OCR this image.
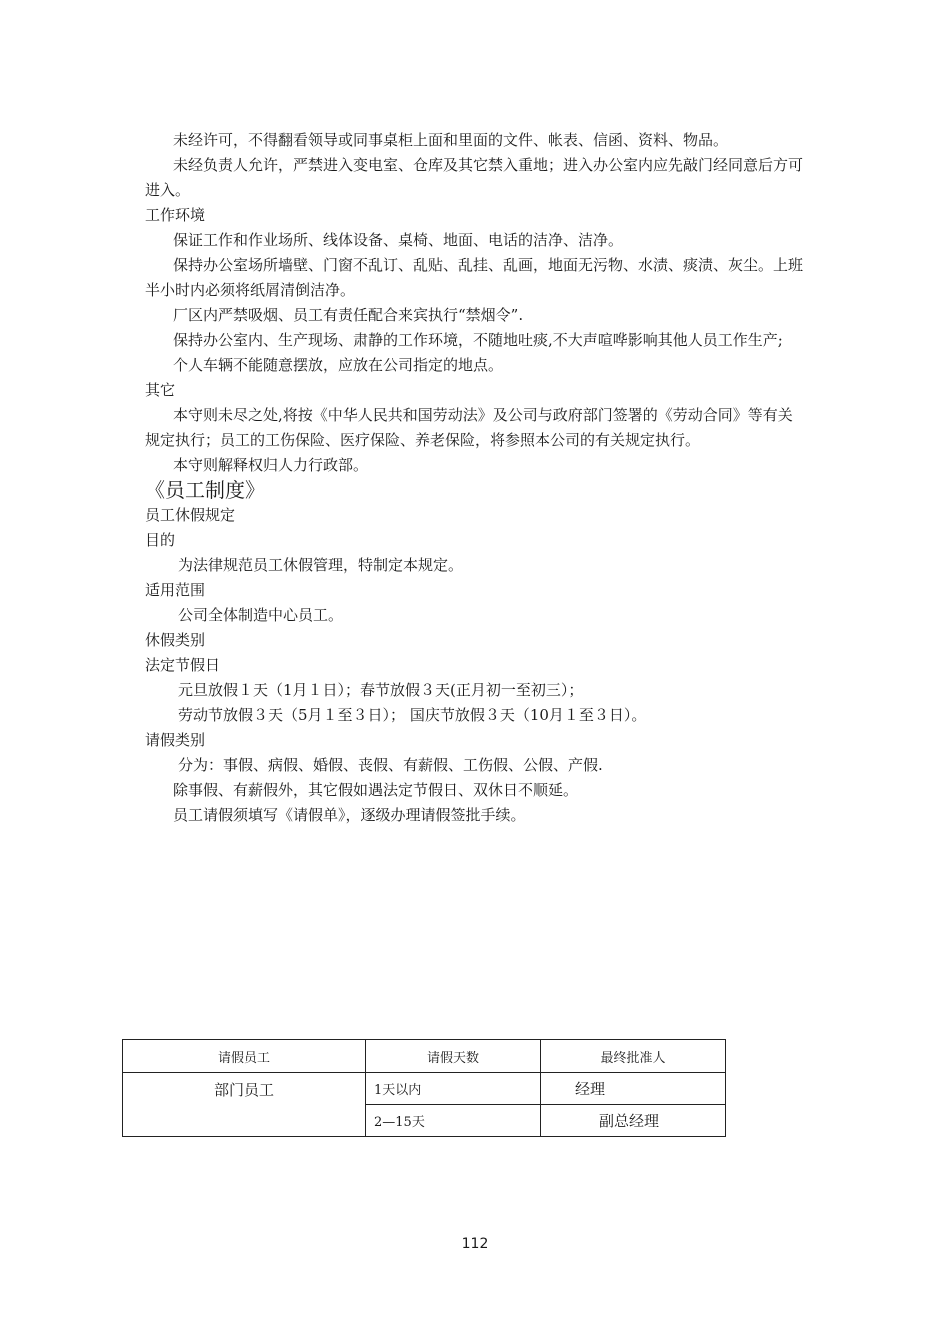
未经许可，不得翻看领导或同事桌柜上面和里面的文件、帐表、信函、资料、物品。
未经负责人允许，严禁进入变电室、仓库及其它禁入重地；进入办公室内应先敲门经同意后方可
进入。
工作环境
保证工作和作业场所、线体设备、桌椅、地面、电话的洁净、洁净。
保持办公室场所墙壁、门窗不乱订、乱贴、乱挂、乱画，地面无污物、水渍、痰渍、灰尘。上班
半小时内必须将纸屑清倒洁净。
厂区内严禁吸烟、员工有责任配合来宾执行“禁烟令”.
保持办公室内、生产现场、肃静的工作环境，不随地吐痰,不大声喧哗影响其他人员工作生产;
个人车辆不能随意摆放，应放在公司指定的地点。
其它
本守则未尽之处,将按《中华人民共和国劳动法》及公司与政府部门签署的《劳动合同》等有关
规定执行；员工的工伤保险、医疗保险、养老保险，将参照本公司的有关规定执行。
本守则解释权归人力行政部。
《员工制度》
员工休假规定
目的
为法律规范员工休假管理，特制定本规定。
适用范围
公司全体制造中心员工。
休假类别
法定节假日
元旦放假１天（1月１日）；春节放假３天(正月初一至初三）；
劳动节放假３天（5月１至３日）； 国庆节放假３天（10月１至３日）。
请假类别
分为：事假、病假、婚假、丧假、有薪假、工伤假、公假、产假.
除事假、有薪假外，其它假如遇法定节假日、双休日不顺延。
员工请假须填写《请假单》，逐级办理请假签批手续。
请假员工	请假天数	最终批准人
部门员工	1天以内	经理
	2—15天	副总经理
112
